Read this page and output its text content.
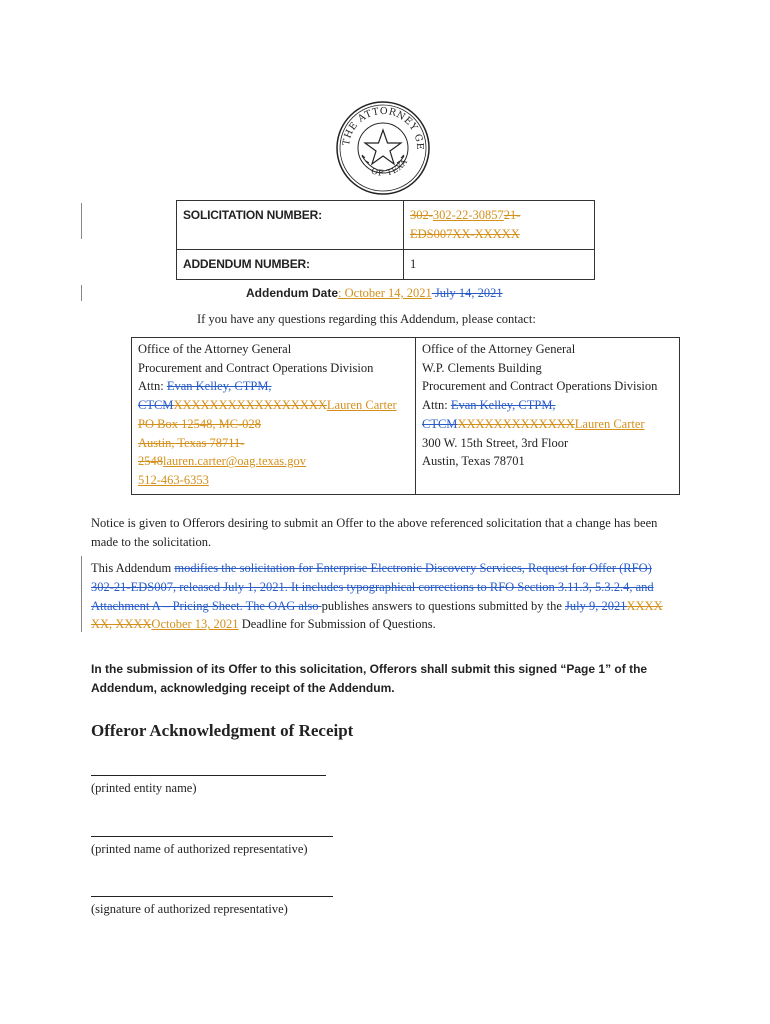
THE ATTORNEY GE
OF TEXA
SOLICITATION NUMBER:	302-302-22-3085721-
EDS007XX-XXXXX
ADDENDUM NUMBER:	1
Addendum Date: October 14, 2021 July 14, 2021
If you have any questions regarding this Addendum, please contact:
Office of the Attorney General
Procurement and Contract Operations Division
Attn: Evan Kelley, CTPM, CTCMXXXXXXXXXXXXXXXXXLauren Carter
PO Box 12548, MC-028
Austin, Texas 78711-2548lauren.carter@oag.texas.gov
512-463-6353

Office of the Attorney General
W.P. Clements Building
Procurement and Contract Operations Division
Attn: Evan Kelley, CTPM, CTCMXXXXXXXXXXXXXLauren Carter
300 W. 15th Street, 3rd Floor
Austin, Texas 78701

Notice is given to Offerors desiring to submit an Offer to the above referenced solicitation that a change has been made to the solicitation.

This Addendum modifies the solicitation for Enterprise Electronic Discovery Services, Request for Offer (RFO) 302-21-EDS007, released July 1, 2021. It includes typographical corrections to RFO Section 3.11.3, 5.3.2.4, and Attachment A – Pricing Sheet. The OAG also publishes answers to questions submitted by the July 9, 2021XXXX XX, XXXXOctober 13, 2021 Deadline for Submission of Questions.

In the submission of its Offer to this solicitation, Offerors shall submit this signed “Page 1” of the Addendum, acknowledging receipt of the Addendum.

Offeror Acknowledgment of Receipt
(printed entity name)
(printed name of authorized representative)
(signature of authorized representative)
